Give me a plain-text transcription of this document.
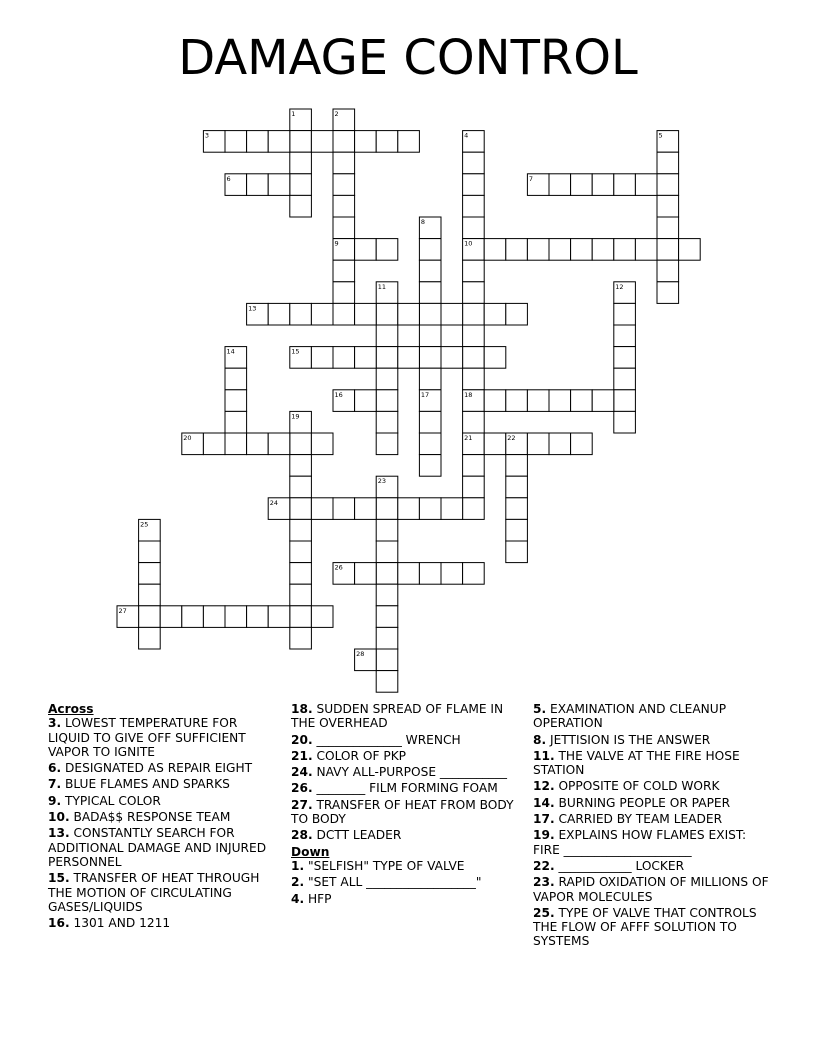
DAMAGE CONTROL
1	2
9
3	4
10
18
21
5
6	7
8
17
11	12
13
14	15
16
19
20	22
23
24
25
26
27
28
Across
3. LOWEST TEMPERATURE FOR LIQUID TO GIVE OFF SUFFICIENT VAPOR TO IGNITE
6. DESIGNATED AS REPAIR EIGHT
7. BLUE FLAMES AND SPARKS
9. TYPICAL COLOR
10. BADA$$ RESPONSE TEAM
13. CONSTANTLY SEARCH FOR ADDITIONAL DAMAGE AND INJURED PERSONNEL
15. TRANSFER OF HEAT THROUGH THE MOTION OF CIRCULATING GASES/LIQUIDS
16. 1301 AND 1211
18. SUDDEN SPREAD OF FLAME IN THE OVERHEAD
20. ______________ WRENCH
21. COLOR OF PKP
24. NAVY ALL-PURPOSE ___________
26. ________ FILM FORMING FOAM
27. TRANSFER OF HEAT FROM BODY TO BODY
28. DCTT LEADER
Down
1. "SELFISH" TYPE OF VALVE
2. "SET ALL __________________"
4. HFP
5. EXAMINATION AND CLEANUP OPERATION
8. JETTISION IS THE ANSWER
11. THE VALVE AT THE FIRE HOSE STATION
12. OPPOSITE OF COLD WORK
14. BURNING PEOPLE OR PAPER
17. CARRIED BY TEAM LEADER
19. EXPLAINS HOW FLAMES EXIST: FIRE _____________________
22. ____________ LOCKER
23. RAPID OXIDATION OF MILLIONS OF VAPOR MOLECULES
25. TYPE OF VALVE THAT CONTROLS THE FLOW OF AFFF SOLUTION TO SYSTEMS
